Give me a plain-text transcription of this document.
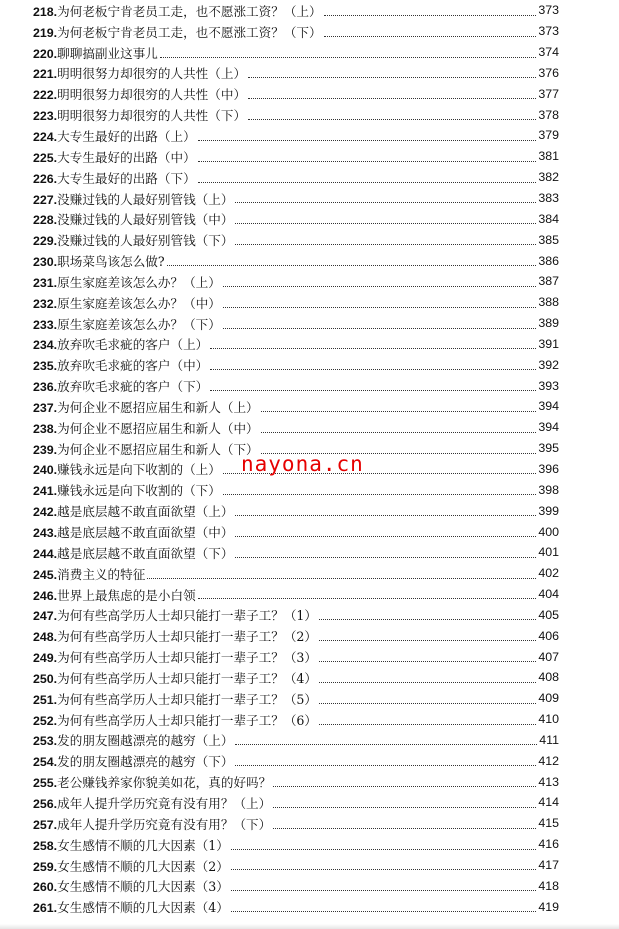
218.为何老板宁肯老员工走，也不愿涨工资？（上）	373
219.为何老板宁肯老员工走，也不愿涨工资？（下）	373
220.聊聊搞副业这事儿	374
221.明明很努力却很穷的人共性（上）	376
222.明明很努力却很穷的人共性（中）	377
223.明明很努力却很穷的人共性（下）	378
224.大专生最好的出路（上）	379
225.大专生最好的出路（中）	381
226.大专生最好的出路（下）	382
227.没赚过钱的人最好别管钱（上）	383
228.没赚过钱的人最好别管钱（中）	384
229.没赚过钱的人最好别管钱（下）	385
230.职场菜鸟该怎么做?	386
231.原生家庭差该怎么办？（上）	387
232.原生家庭差该怎么办？（中）	388
233.原生家庭差该怎么办？（下）	389
234.放弃吹毛求疵的客户（上）	391
235.放弃吹毛求疵的客户（中）	392
236.放弃吹毛求疵的客户（下）	393
237.为何企业不愿招应届生和新人（上）	394
238.为何企业不愿招应届生和新人（中）	394
239.为何企业不愿招应届生和新人（下）	395
240.赚钱永远是向下收割的（上）	396
241.赚钱永远是向下收割的（下）	398
242.越是底层越不敢直面欲望（上）	399
243.越是底层越不敢直面欲望（中）	400
244.越是底层越不敢直面欲望（下）	401
245.消费主义的特征	402
246.世界上最焦虑的是小白领	404
247.为何有些高学历人士却只能打一辈子工？（1）	405
248.为何有些高学历人士却只能打一辈子工？（2）	406
249.为何有些高学历人士却只能打一辈子工？（3）	407
250.为何有些高学历人士却只能打一辈子工？（4）	408
251.为何有些高学历人士却只能打一辈子工？（5）	409
252.为何有些高学历人士却只能打一辈子工？（6）	410
253.发的朋友圈越漂亮的越穷（上）	411
254.发的朋友圈越漂亮的越穷（下）	412
255.老公赚钱养家你貌美如花，真的好吗？	413
256.成年人提升学历究竟有没有用？（上）	414
257.成年人提升学历究竟有没有用？（下）	415
258.女生感情不顺的几大因素（1）	416
259.女生感情不顺的几大因素（2）	417
260.女生感情不顺的几大因素（3）	418
261.女生感情不顺的几大因素（4）	419
nayona.cn
